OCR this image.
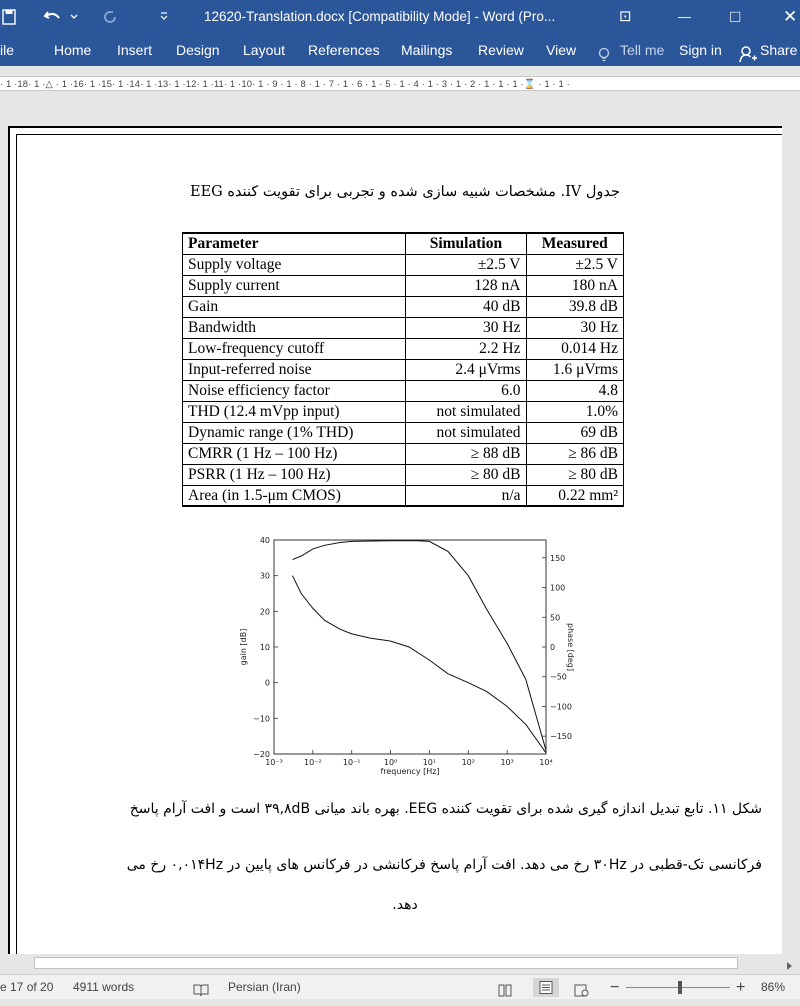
12620-Translation.docx [Compatibility Mode] - Word (Pro...	⊡	— □	✕
ile	Home Insert Design Layout References Mailings Review View	Tell me Sign in	Share
· 1 ·18· 1 ·△ · 1 ·16· 1 ·15· 1 ·14· 1 ·13· 1 ·12· 1 ·11· 1 ·10· 1 · 9 · 1 · 8 · 1 · 7 · 1 · 6 · 1 · 5 · 1 · 4 · 1 · 3 · 1 · 2 · 1 · 1 · 1 ·⌛ · 1 · 1 ·
جدول IV. مشخصات شبیه سازی شده و تجربی برای تقویت کننده EEG
Parameter	Simulation	Measured
Supply voltage	±2.5 V	±2.5 V
Supply current	128 nA	180 nA
Gain	40 dB	39.8 dB
Bandwidth	30 Hz	30 Hz
Low-frequency cutoff	2.2 Hz	0.014 Hz
Input-referred noise	2.4 μVrms	1.6 μVrms
Noise efficiency factor	6.0	4.8
THD (12.4 mVpp input)	not simulated	1.0%
Dynamic range (1% THD)	not simulated	69 dB
CMRR (1 Hz – 100 Hz)	≥ 88 dB	≥ 86 dB
PSRR (1 Hz – 100 Hz)	≥ 80 dB	≥ 80 dB
Area (in 1.5-μm CMOS)	n/a	0.22 mm²
10⁻³	10⁻²	10⁻¹	10⁰	10¹	10²	10³	10⁴
40
30
20
10
0
−10
−20
150
100
50
0
−50
−100
−150
frequency [Hz]
gain [dB]	phase [deg]
شکل ۱۱. تابع تبدیل اندازه گیری شده برای تقویت کننده EEG. بهره باند میانی ۳۹,۸dB است و افت آرام پاسخ
فرکانسی تک-قطبی در ۳۰Hz رخ می دهد. افت آرام پاسخ فرکانشی در فرکانس های پایین در ۰,۰۱۴Hz رخ می
دهد.
e 17 of 20 4911 words	Persian (Iran)	−	+ 86%
